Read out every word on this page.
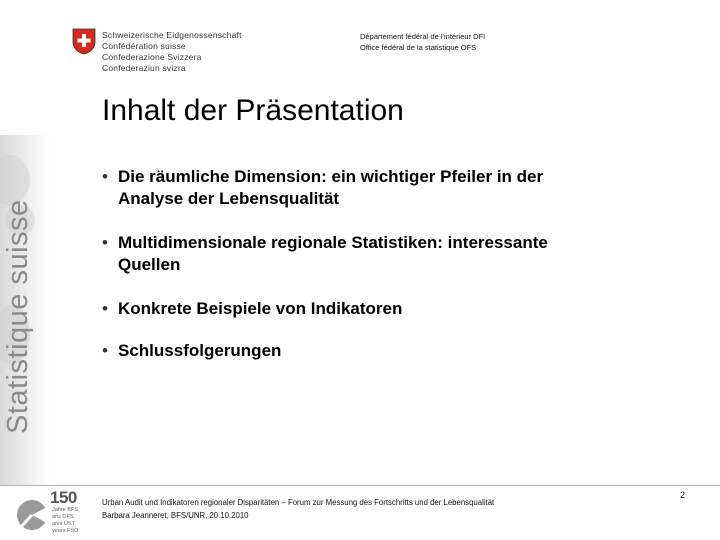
Statistique suisse
Schweizerische Eidgenossenschaft
Confédération suisse
Confederazione Svizzera
Confederaziun svizra
Département fédéral de l'intérieur DFI
Office fédéral de la statistique OFS
Inhalt der Präsentation
• Die räumliche Dimension: ein wichtiger Pfeiler in der
Analyse der Lebensqualität
• Multidimensionale regionale Statistiken: interessante
Quellen
• Konkrete Beispiele von Indikatoren
• Schlussfolgerungen
150
Jahre BFS
ans OFS
anni UST
years FSO
Urban Audit und Indikatoren regionaler Disparitäten – Forum zur Messung des Fortschritts und der Lebensqualität
Barbara Jeanneret, BFS/UNR, 20.10.2010
2
